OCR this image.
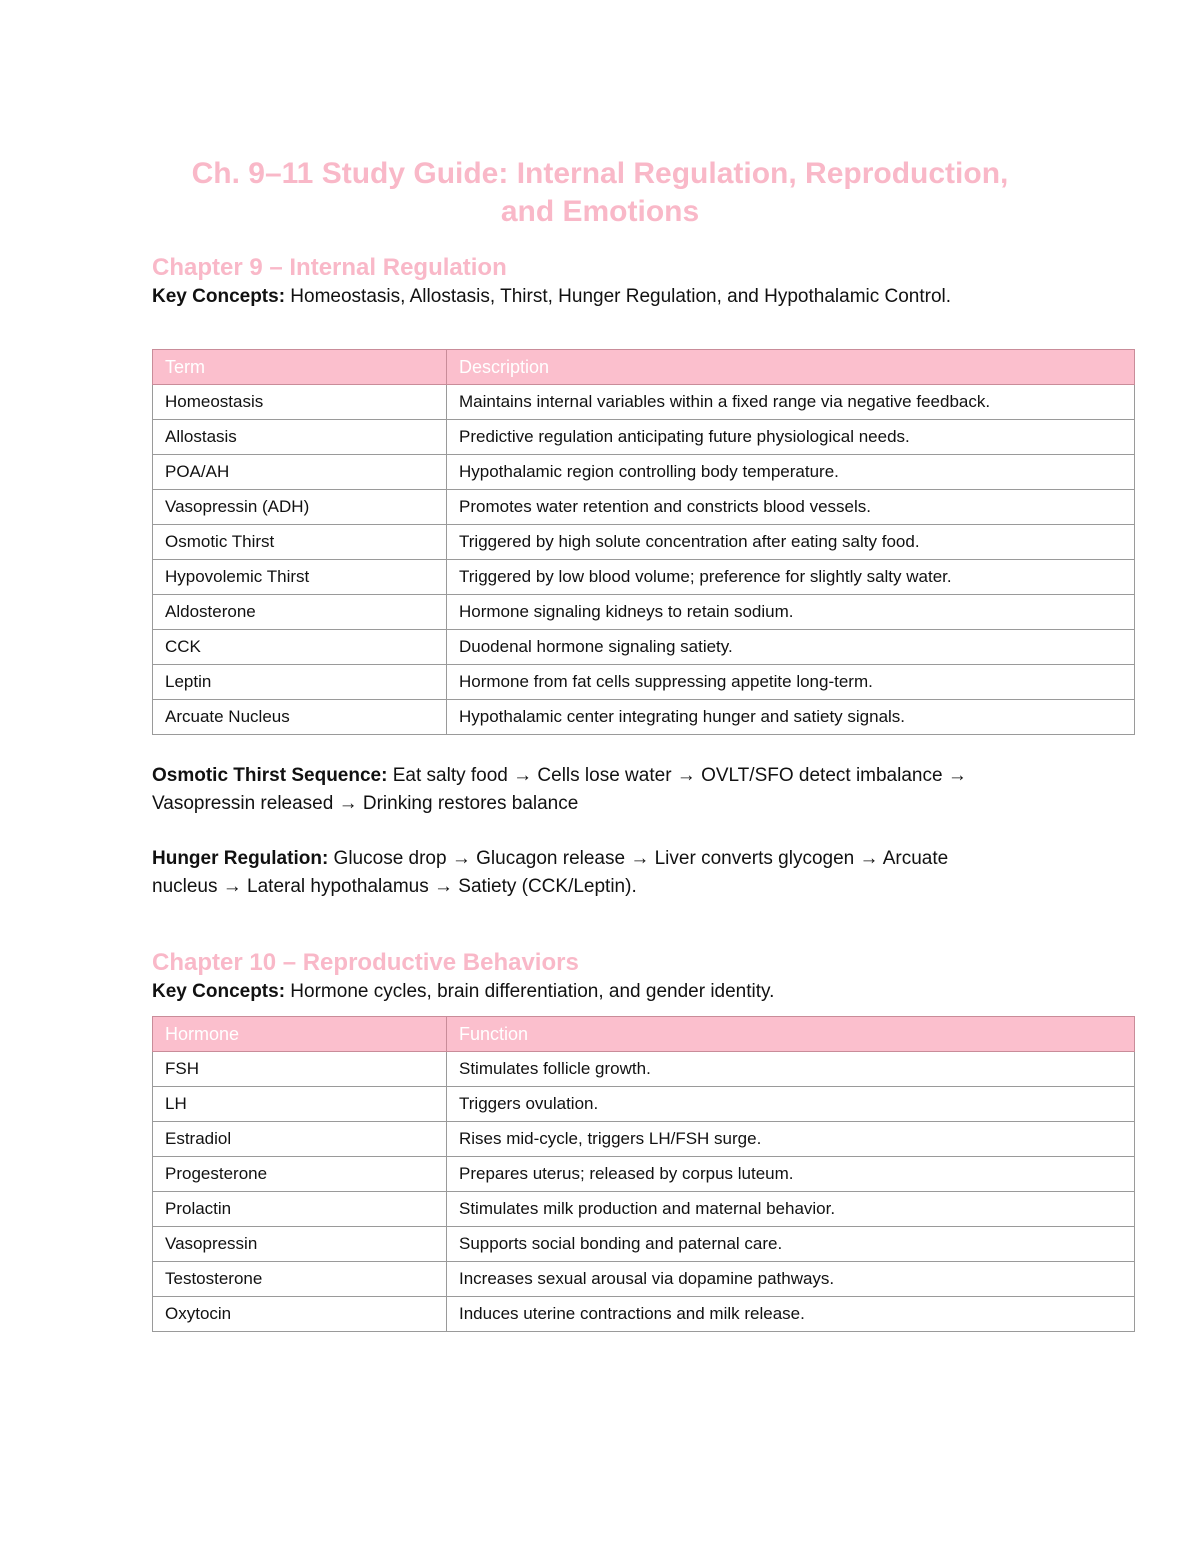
Ch. 9–11 Study Guide: Internal Regulation, Reproduction,
and Emotions
Chapter 9 – Internal Regulation

Key Concepts: Homeostasis, Allostasis, Thirst, Hunger Regulation, and Hypothalamic Control.

Term	Description
Homeostasis	Maintains internal variables within a fixed range via negative feedback.
Allostasis	Predictive regulation anticipating future physiological needs.
POA/AH	Hypothalamic region controlling body temperature.
Vasopressin (ADH)	Promotes water retention and constricts blood vessels.
Osmotic Thirst	Triggered by high solute concentration after eating salty food.
Hypovolemic Thirst	Triggered by low blood volume; preference for slightly salty water.
Aldosterone	Hormone signaling kidneys to retain sodium.
CCK	Duodenal hormone signaling satiety.
Leptin	Hormone from fat cells suppressing appetite long-term.
Arcuate Nucleus	Hypothalamic center integrating hunger and satiety signals.

Osmotic Thirst Sequence: Eat salty food → Cells lose water → OVLT/SFO detect imbalance → Vasopressin released → Drinking restores balance

Hunger Regulation: Glucose drop → Glucagon release → Liver converts glycogen → Arcuate nucleus → Lateral hypothalamus → Satiety (CCK/Leptin).

Chapter 10 – Reproductive Behaviors

Key Concepts: Hormone cycles, brain differentiation, and gender identity.

Hormone	Function
FSH	Stimulates follicle growth.
LH	Triggers ovulation.
Estradiol	Rises mid-cycle, triggers LH/FSH surge.
Progesterone	Prepares uterus; released by corpus luteum.
Prolactin	Stimulates milk production and maternal behavior.
Vasopressin	Supports social bonding and paternal care.
Testosterone	Increases sexual arousal via dopamine pathways.
Oxytocin	Induces uterine contractions and milk release.
